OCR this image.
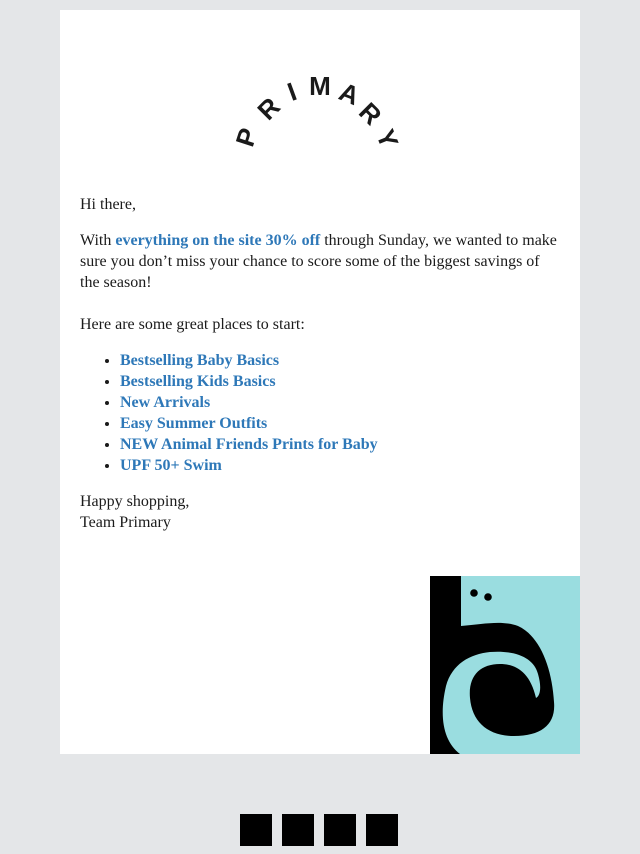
P
R
I M A
R
Y

Hi there,

With everything on the site 30% off through Sunday, we wanted to make sure you don’t miss your chance to score some of the biggest savings of the season!

Here are some great places to start:

• Bestselling Baby Basics
• Bestselling Kids Basics
• New Arrivals
• Easy Summer Outfits
• NEW Animal Friends Prints for Baby
• UPF 50+ Swim

Happy shopping,

Team Primary
